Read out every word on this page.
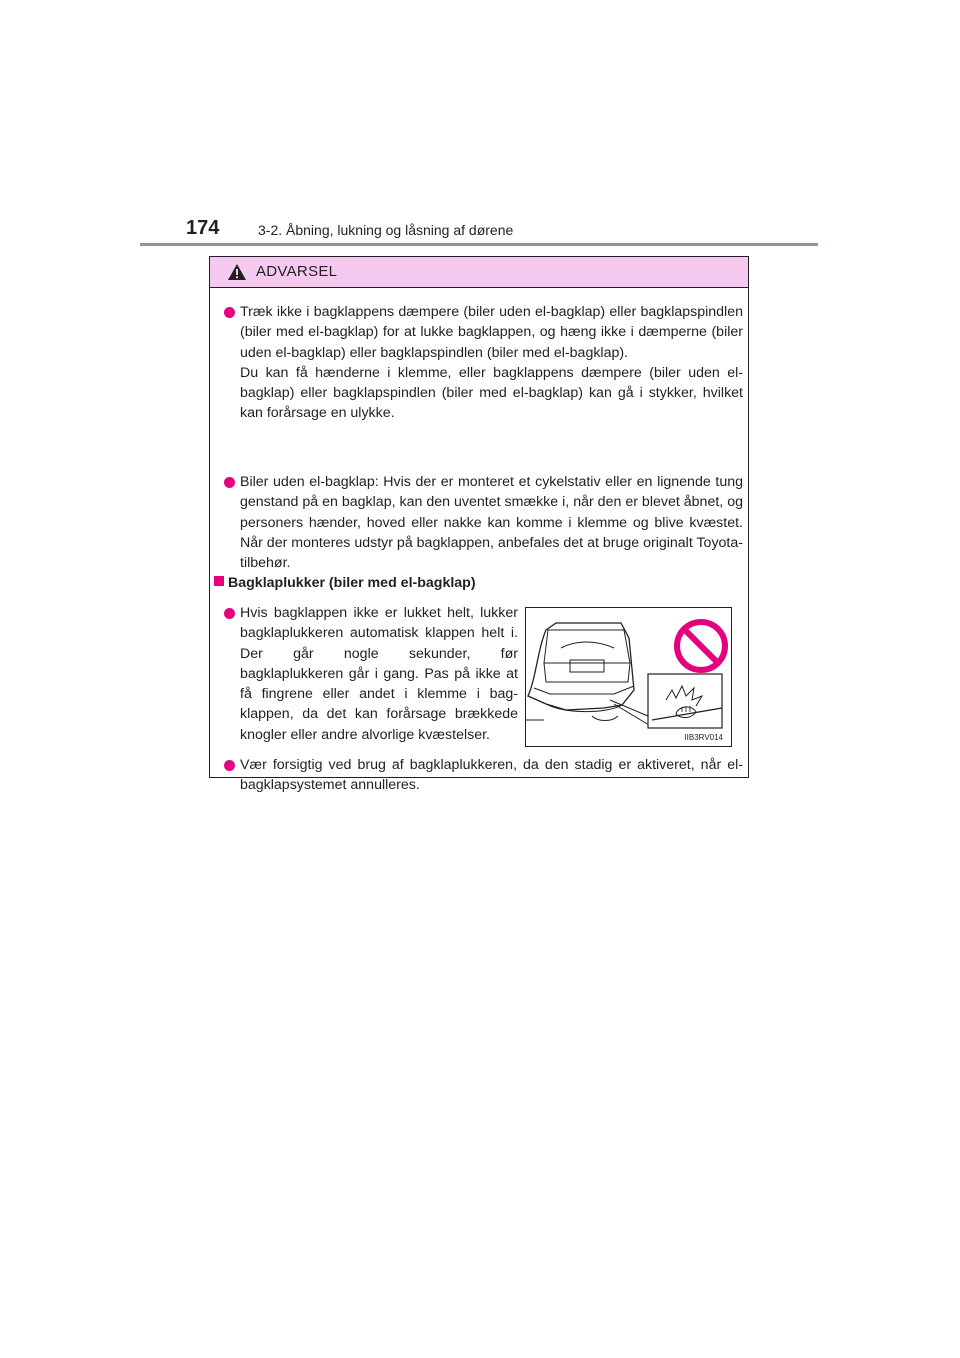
174	3-2. Åbning, lukning og låsning af dørene
ADVARSEL
Træk ikke i bagklappens dæmpere (biler uden el-bagklap) eller bagklapspindlen (biler med el-bagklap) for at lukke bagklappen, og hæng ikke i dæmperne (biler uden el-bagklap) eller bagklapspindlen (biler med el-bagklap).
Du kan få hænderne i klemme, eller bagklappens dæmpere (biler uden el-bagklap) eller bagklapspindlen (biler med el-bagklap) kan gå i stykker, hvilket kan forårsage en ulykke.
Biler uden el-bagklap: Hvis der er monteret et cykelstativ eller en lignende tung genstand på en bagklap, kan den uventet smække i, når den er blevet åbnet, og personers hænder, hoved eller nakke kan komme i klemme og blive kvæstet. Når der monteres udstyr på bagklappen, anbefales det at bruge originalt Toyota-tilbehør.
Bagklaplukker (biler med el-bagklap)
Hvis bagklappen ikke er lukket helt, lukker bagklaplukkeren automatisk klappen helt i. Der går nogle sekunder, før bagklaplukkeren går i gang. Pas på ikke at få fingrene eller andet i klemme i bagklappen, da det kan forårsage brækkede knogler eller andre alvorlige kvæstelser.	IIB3RV014
Vær forsigtig ved brug af bagklaplukkeren, da den stadig er aktiveret, når el-bagklapsystemet annulleres.
